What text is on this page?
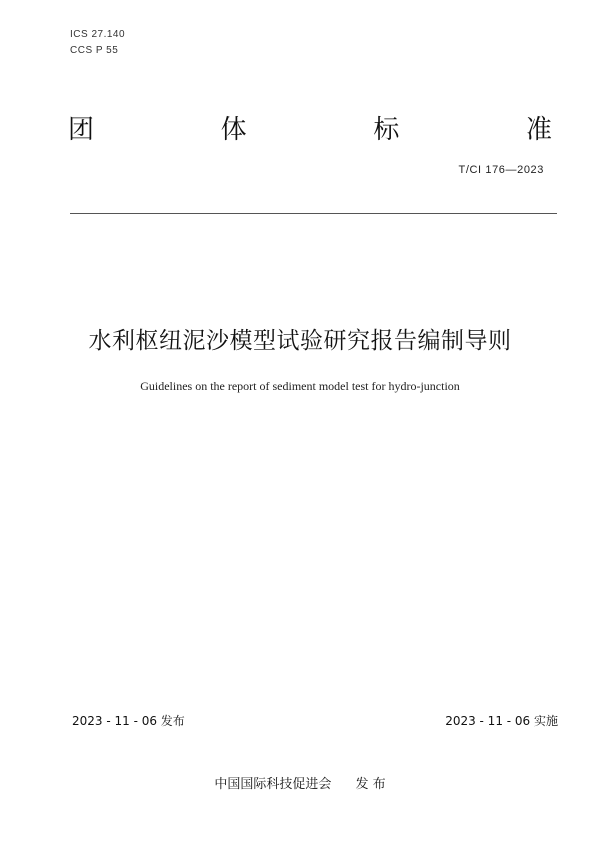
ICS 27.140
CCS P 55
团	体	标	准
T/CI 176—2023
水利枢纽泥沙模型试验研究报告编制导则
Guidelines on the report of sediment model test for hydro-junction
2023 - 11 - 06 发布	2023 - 11 - 06 实施
中国国际科技促进会 发 布
